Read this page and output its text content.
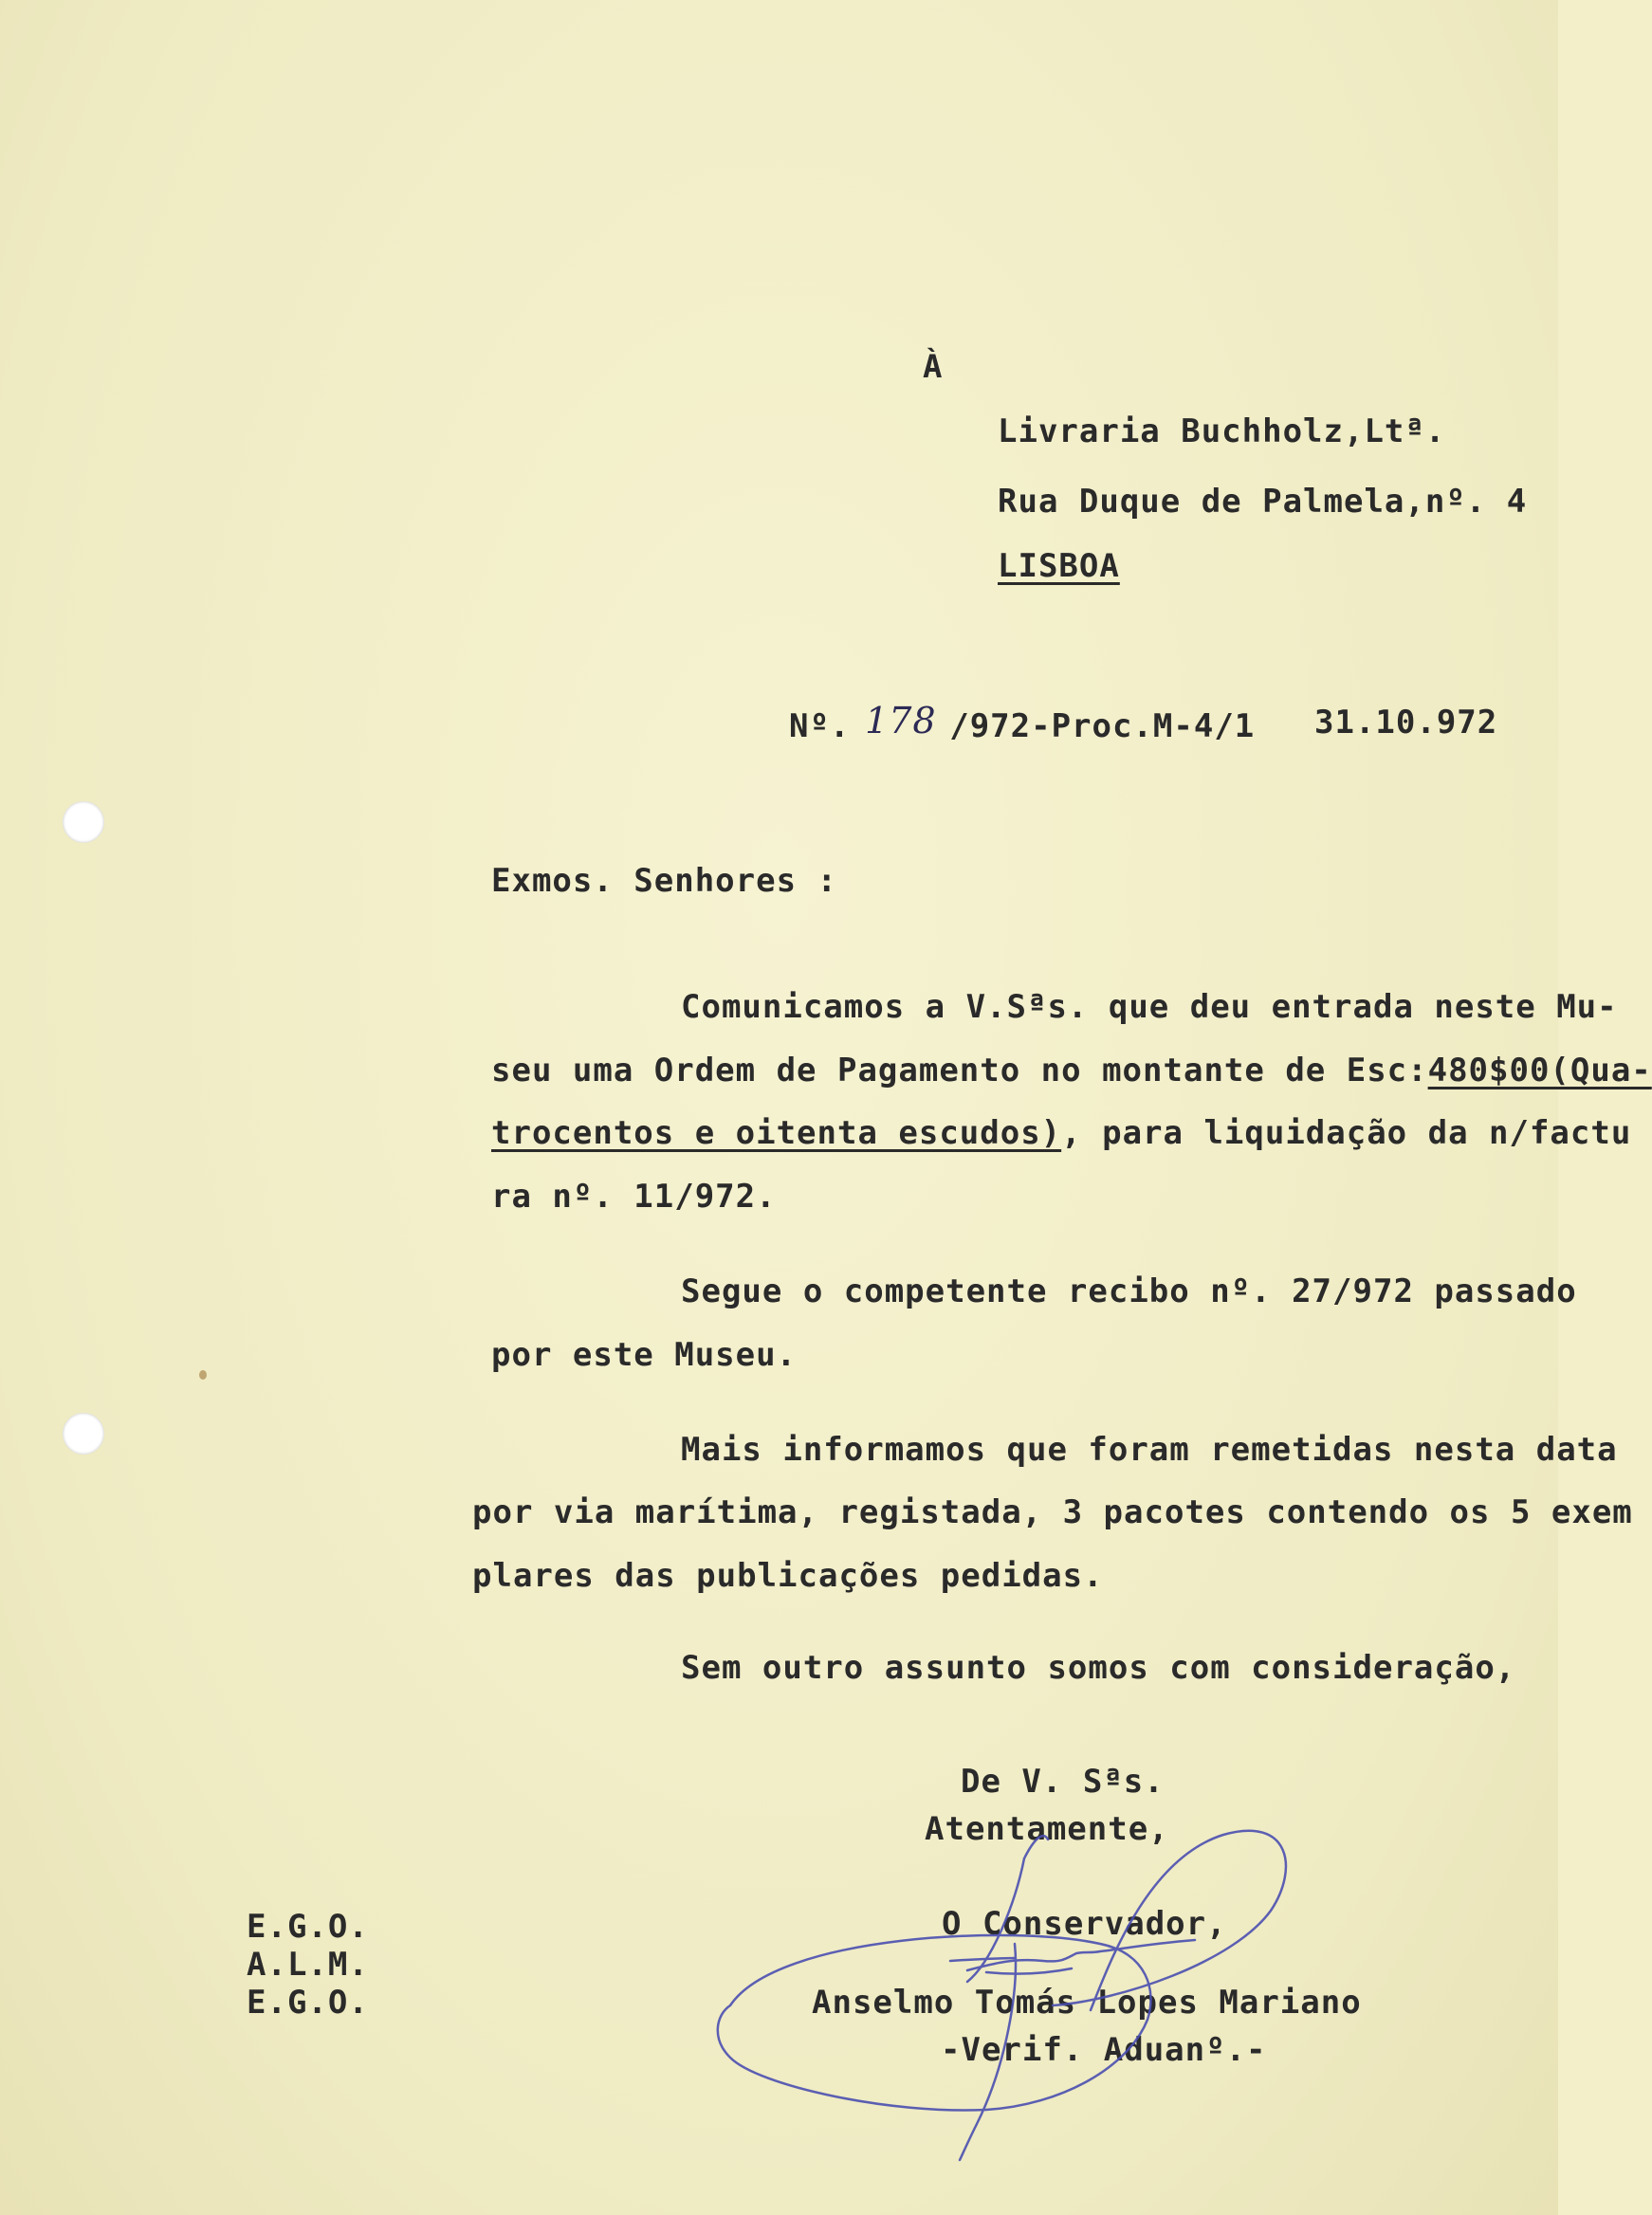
À
Livraria Buchholz,Ltª.
Rua Duque de Palmela,nº. 4
LISBOA
Nº. 178 /972-Proc.M-4/1 31.10.972
Exmos. Senhores :
Comunicamos a V.Sªs. que deu entrada neste Mu-
seu uma Ordem de Pagamento no montante de Esc:480$00(Qua-
trocentos e oitenta escudos), para liquidação da n/factu
ra nº. 11/972.
Segue o competente recibo nº. 27/972 passado
por este Museu.
Mais informamos que foram remetidas nesta data
por via marítima, registada, 3 pacotes contendo os 5 exem
plares das publicações pedidas.
Sem outro assunto somos com consideração,
De V. Sªs.
Atentamente,
O Conservador,
Anselmo Tomás Lopes Mariano
-Verif. Aduanº.-
E.G.O.
A.L.M.
E.G.O.
